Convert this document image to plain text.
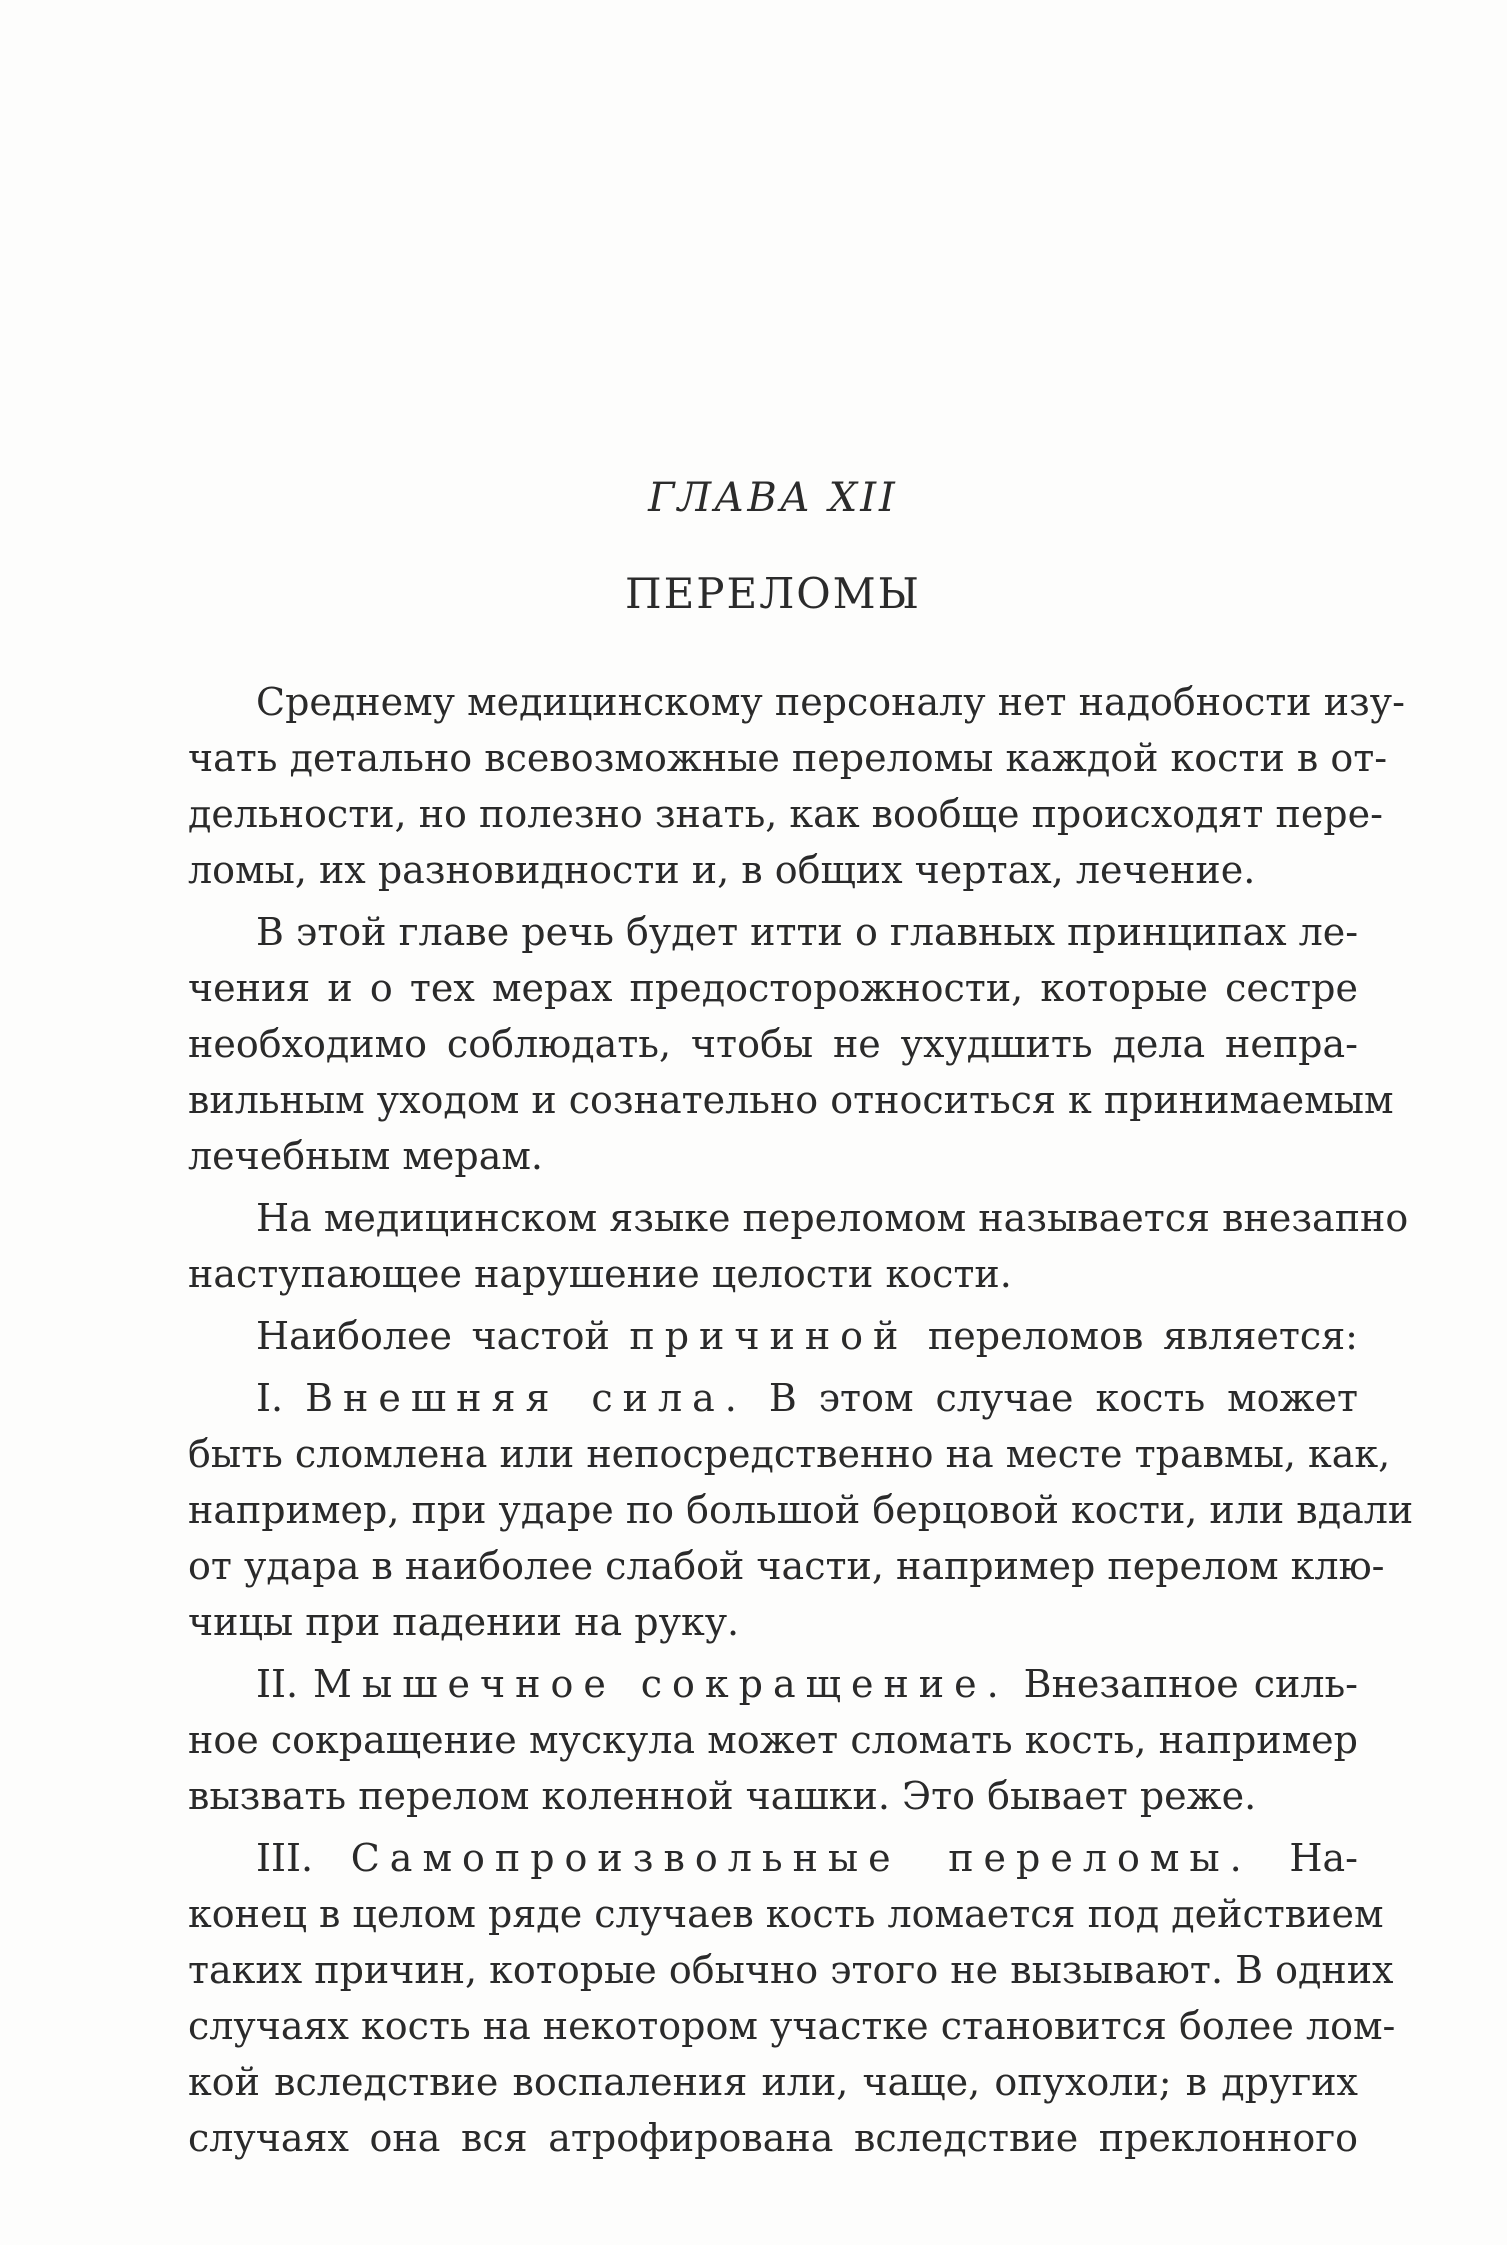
ГЛАВА XII
ПЕРЕЛОМЫ
Среднему медицинскому персоналу нет надобности изу-
чать детально всевозможные переломы каждой кости в от-
дельности, но полезно знать, как вообще происходят пере-
ломы, их разновидности и, в общих чертах, лечение.
В этой главе речь будет итти о главных принципах ле-
чения и о тех мерах предосторожности, которые сестре
необходимо соблюдать, чтобы не ухудшить дела непра-
вильным уходом и сознательно относиться к принимаемым
лечебным мерам.
На медицинском языке переломом называется внезапно
наступающее нарушение целости кости.
Наиболее частой причиной переломов является:
I. Внешняя сила. В этом случае кость может
быть сломлена или непосредственно на месте травмы, как,
например, при ударе по большой берцовой кости, или вдали
от удара в наиболее слабой части, например перелом клю-
чицы при падении на руку.
II. Мышечное сокращение. Внезапное силь-
ное сокращение мускула может сломать кость, например
вызвать перелом коленной чашки. Это бывает реже.
III. Самопроизвольные переломы. На-
конец в целом ряде случаев кость ломается под действием
таких причин, которые обычно этого не вызывают. В одних
случаях кость на некотором участке становится более лом-
кой вследствие воспаления или, чаще, опухоли; в других
случаях она вся атрофирована вследствие преклонного
